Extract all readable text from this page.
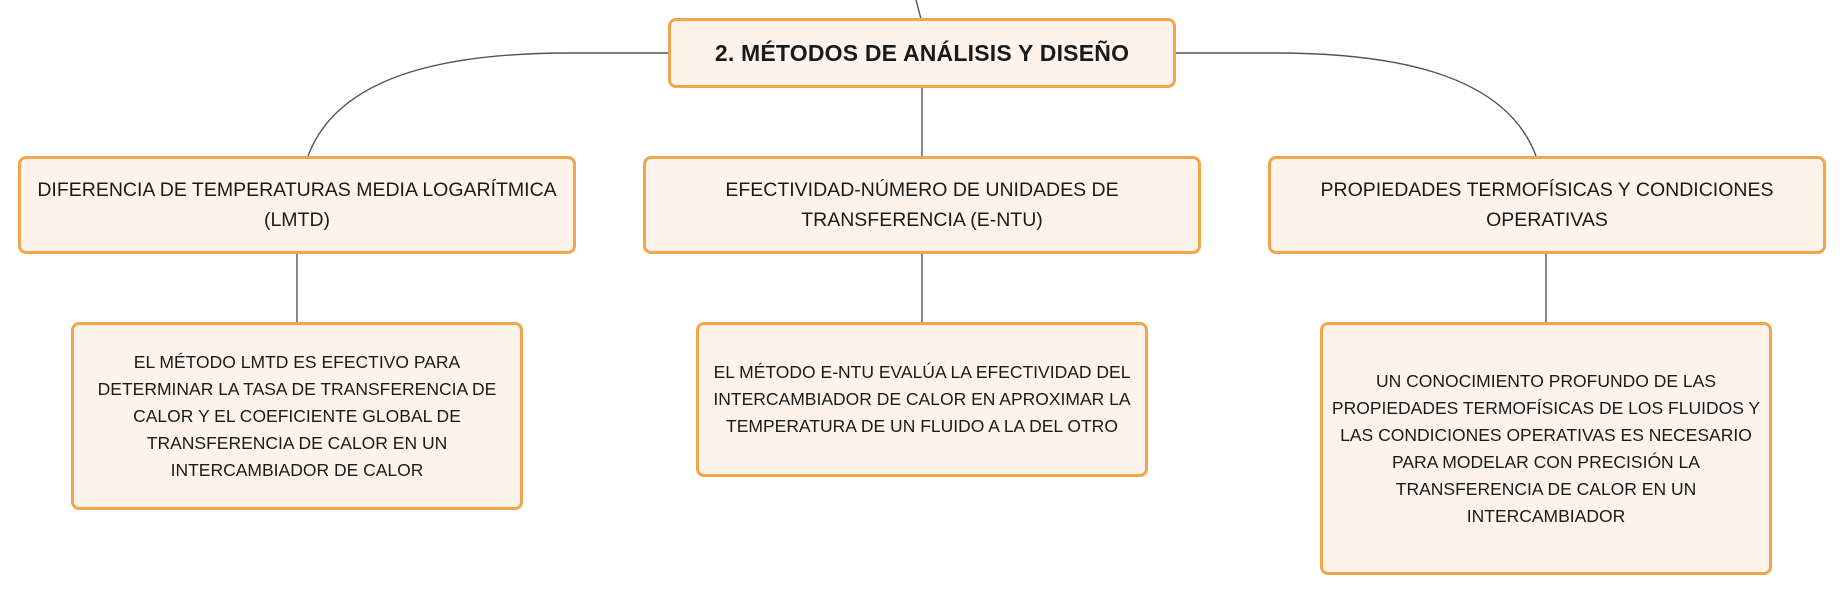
2. MÉTODOS DE ANÁLISIS Y DISEÑO
DIFERENCIA DE TEMPERATURAS MEDIA LOGARÍTMICA (LMTD)
EFECTIVIDAD-NÚMERO DE UNIDADES DE TRANSFERENCIA (Ε-NTU)
PROPIEDADES TERMOFÍSICAS Y CONDICIONES OPERATIVAS
EL MÉTODO LMTD ES EFECTIVO PARA DETERMINAR LA TASA DE TRANSFERENCIA DE CALOR Y EL COEFICIENTE GLOBAL DE TRANSFERENCIA DE CALOR EN UN INTERCAMBIADOR DE CALOR
EL MÉTODO Ε-NTU EVALÚA LA EFECTIVIDAD DEL INTERCAMBIADOR DE CALOR EN APROXIMAR LA TEMPERATURA DE UN FLUIDO A LA DEL OTRO
UN CONOCIMIENTO PROFUNDO DE LAS PROPIEDADES TERMOFÍSICAS DE LOS FLUIDOS Y LAS CONDICIONES OPERATIVAS ES NECESARIO PARA MODELAR CON PRECISIÓN LA TRANSFERENCIA DE CALOR EN UN INTERCAMBIADOR
